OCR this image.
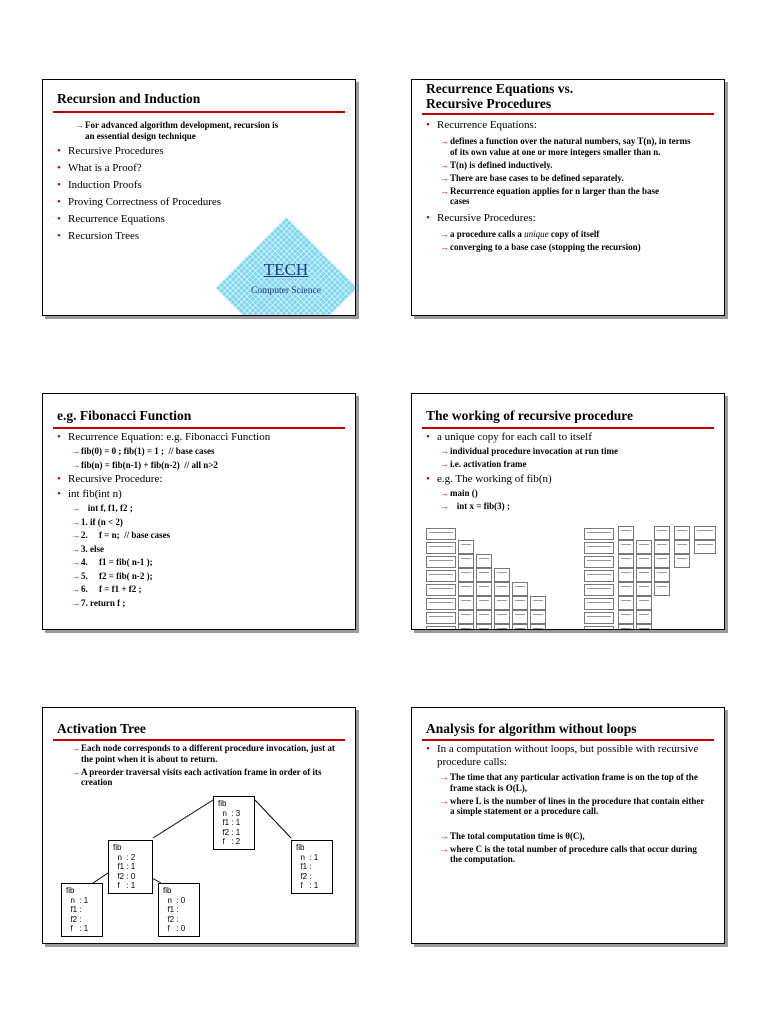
Recursion and Induction
→ For advanced algorithm development, recursion is an essential design technique
• Recursive Procedures
• What is a Proof?
• Induction Proofs
• Proving Correctness of Procedures
• Recurrence Equations
• Recursion Trees
TECH
Computer Science
Recurrence Equations vs.
Recursive Procedures
• Recurrence Equations:
→ defines a function over the natural numbers, say T(n), in terms of its own value at one or more integers smaller than n.
→ T(n) is defined inductively.
→ There are base cases to be defined separately.
→ Recurrence equation applies for n larger than the base cases
• Recursive Procedures:
→ a procedure calls a unique copy of itself
→ converging to a base case (stopping the recursion)
e.g. Fibonacci Function
• Recurrence Equation: e.g. Fibonacci Function
→ fib(0) = 0 ; fib(1) = 1 ;  // base cases
→ fib(n) = fib(n-1) + fib(n-2)  // all n>2
• Recursive Procedure:
• int fib(int n)
→    int f, f1, f2 ;
→ 1. if (n < 2)
→ 2.     f = n;  // base cases
→ 3. else
→ 4.     f1 = fib( n-1 );
→ 5.     f2 = fib( n-2 );
→ 6.     f = f1 + f2 ;
→ 7. return f ;
The working of recursive procedure
• a unique copy for each call to itself
→ individual procedure invocation at run time
→ i.e. activation frame
• e.g. The working of fib(n)
→ main ()
→    int x = fib(3) ;
Activation Tree
→ Each node corresponds to a different procedure invocation, just at the point when it is about to return.
→ A preorder traversal visits each activation frame in order of its creation
fib
n  : 3
f1 : 1
f2 : 1
f   : 2
fib
n  : 2
f1 : 1
f2 : 0
f   : 1
fib
n  : 1
f1 :
f2 :
f   : 1
fib
n  : 1
f1 :
f2 :
f   : 1
fib
n  : 0
f1 :
f2 :
f   : 0
Analysis for algorithm without loops
• In a computation without loops, but possible with recursive procedure calls:
→ The time that any particular activation frame is on the top of the frame stack is O(L),
→ where L is the number of lines in the procedure that contain either a simple statement or a procedure call.
→ The total computation time is θ(C),
→ where C is the total number of procedure calls that occur during the computation.
